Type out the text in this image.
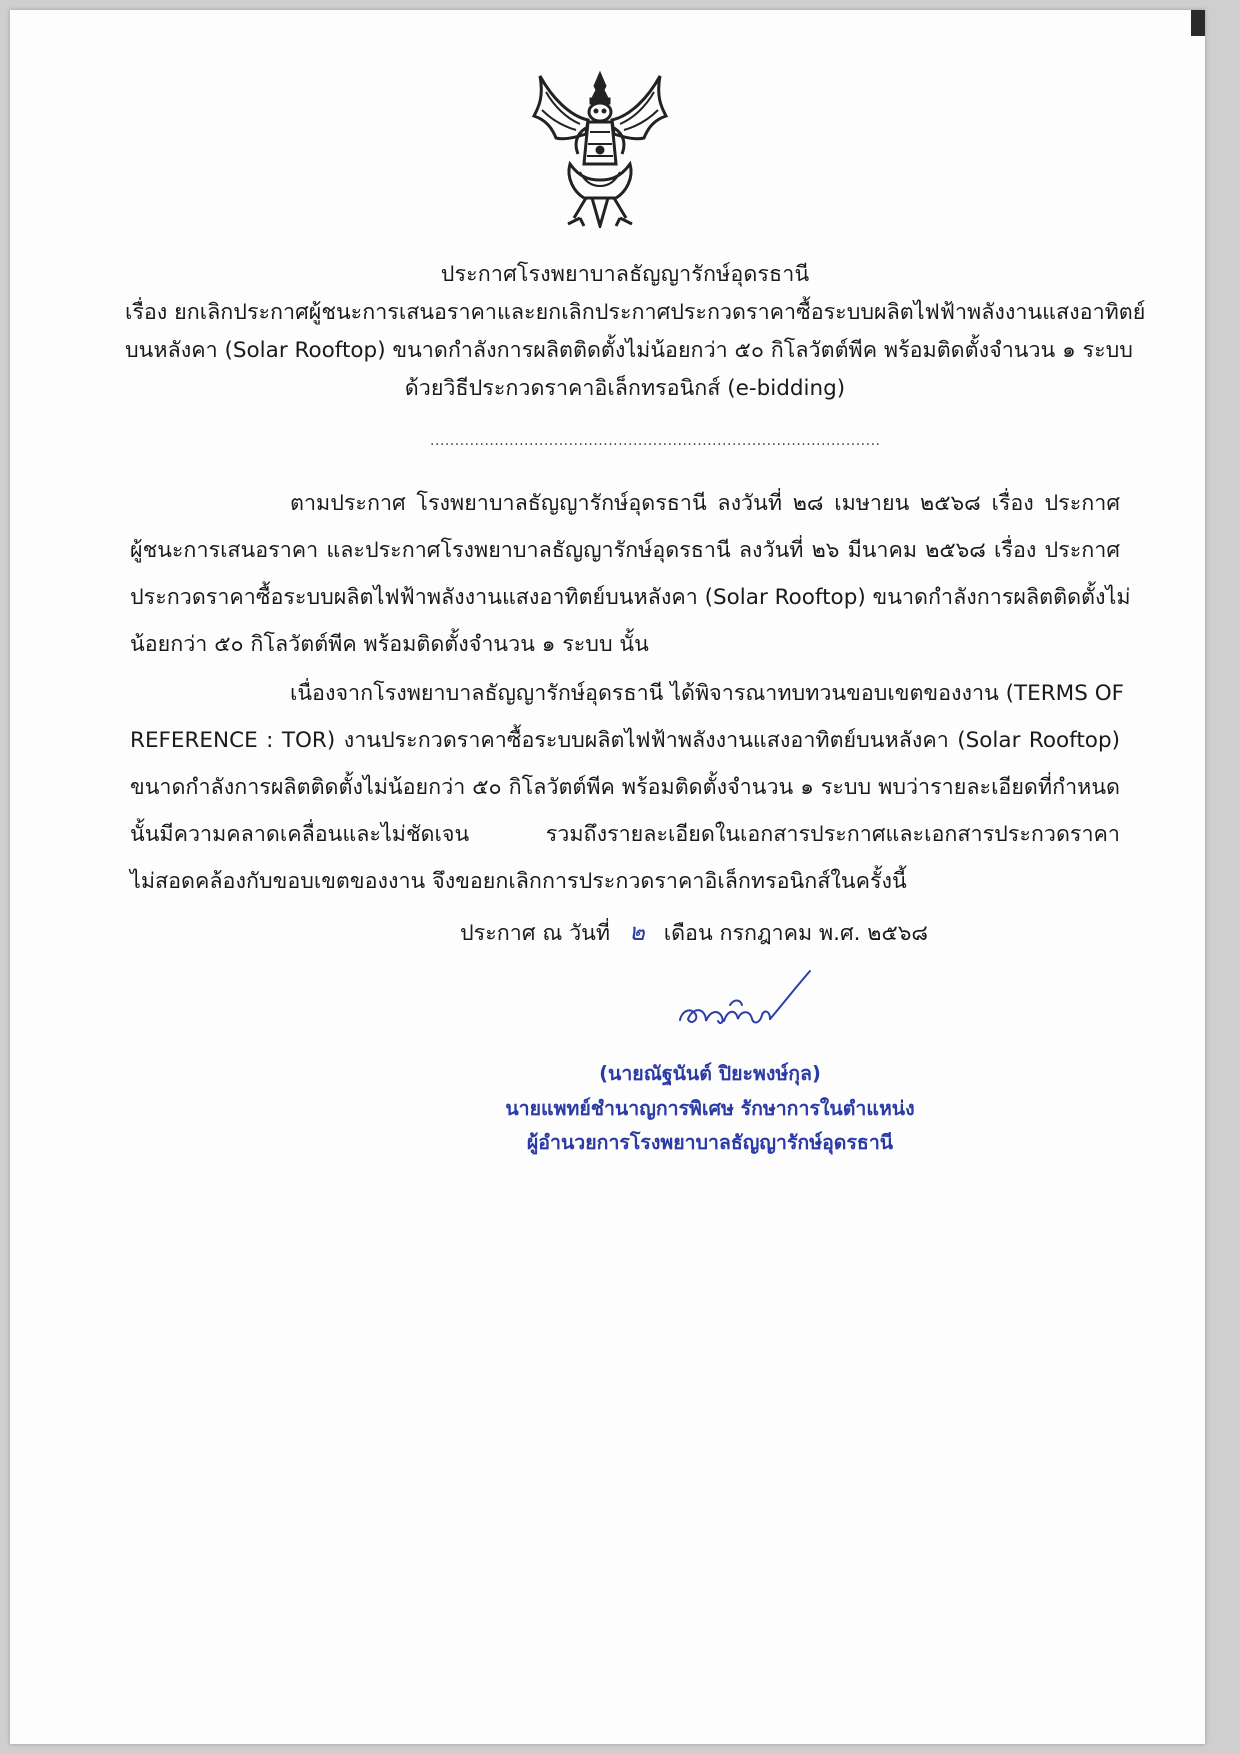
ประกาศโรงพยาบาลธัญญารักษ์อุดรธานี
เรื่อง ยกเลิกประกาศผู้ชนะการเสนอราคาและยกเลิกประกาศประกวดราคาซื้อระบบผลิตไฟฟ้าพลังงานแสงอาทิตย์
บนหลังคา (Solar Rooftop) ขนาดกำลังการผลิตติดตั้งไม่น้อยกว่า ๕๐ กิโลวัตต์พีค พร้อมติดตั้งจำนวน ๑ ระบบ
ด้วยวิธีประกวดราคาอิเล็กทรอนิกส์ (e-bidding)
...........................................................................................
ตามประกาศ โรงพยาบาลธัญญารักษ์อุดรธานี ลงวันที่ ๒๘ เมษายน ๒๕๖๘ เรื่อง ประกาศ
ผู้ชนะการเสนอราคา และประกาศโรงพยาบาลธัญญารักษ์อุดรธานี ลงวันที่ ๒๖ มีนาคม ๒๕๖๘ เรื่อง ประกาศ
ประกวดราคาซื้อระบบผลิตไฟฟ้าพลังงานแสงอาทิตย์บนหลังคา (Solar Rooftop) ขนาดกำลังการผลิตติดตั้งไม่
น้อยกว่า ๕๐ กิโลวัตต์พีค พร้อมติดตั้งจำนวน ๑ ระบบ นั้น
เนื่องจากโรงพยาบาลธัญญารักษ์อุดรธานี ได้พิจารณาทบทวนขอบเขตของงาน (TERMS OF
REFERENCE : TOR) งานประกวดราคาซื้อระบบผลิตไฟฟ้าพลังงานแสงอาทิตย์บนหลังคา (Solar Rooftop)
ขนาดกำลังการผลิตติดตั้งไม่น้อยกว่า ๕๐ กิโลวัตต์พีค พร้อมติดตั้งจำนวน ๑ ระบบ พบว่ารายละเอียดที่กำหนด
นั้นมีความคลาดเคลื่อนและไม่ชัดเจน รวมถึงรายละเอียดในเอกสารประกาศและเอกสารประกวดราคา
ไม่สอดคล้องกับขอบเขตของงาน จึงขอยกเลิกการประกวดราคาอิเล็กทรอนิกส์ในครั้งนี้
ประกาศ ณ วันที่ ๒ เดือน กรกฎาคม พ.ศ. ๒๕๖๘
(นายณัฐนันต์ ปิยะพงษ์กุล)
นายแพทย์ชำนาญการพิเศษ รักษาการในตำแหน่ง
ผู้อำนวยการโรงพยาบาลธัญญารักษ์อุดรธานี
